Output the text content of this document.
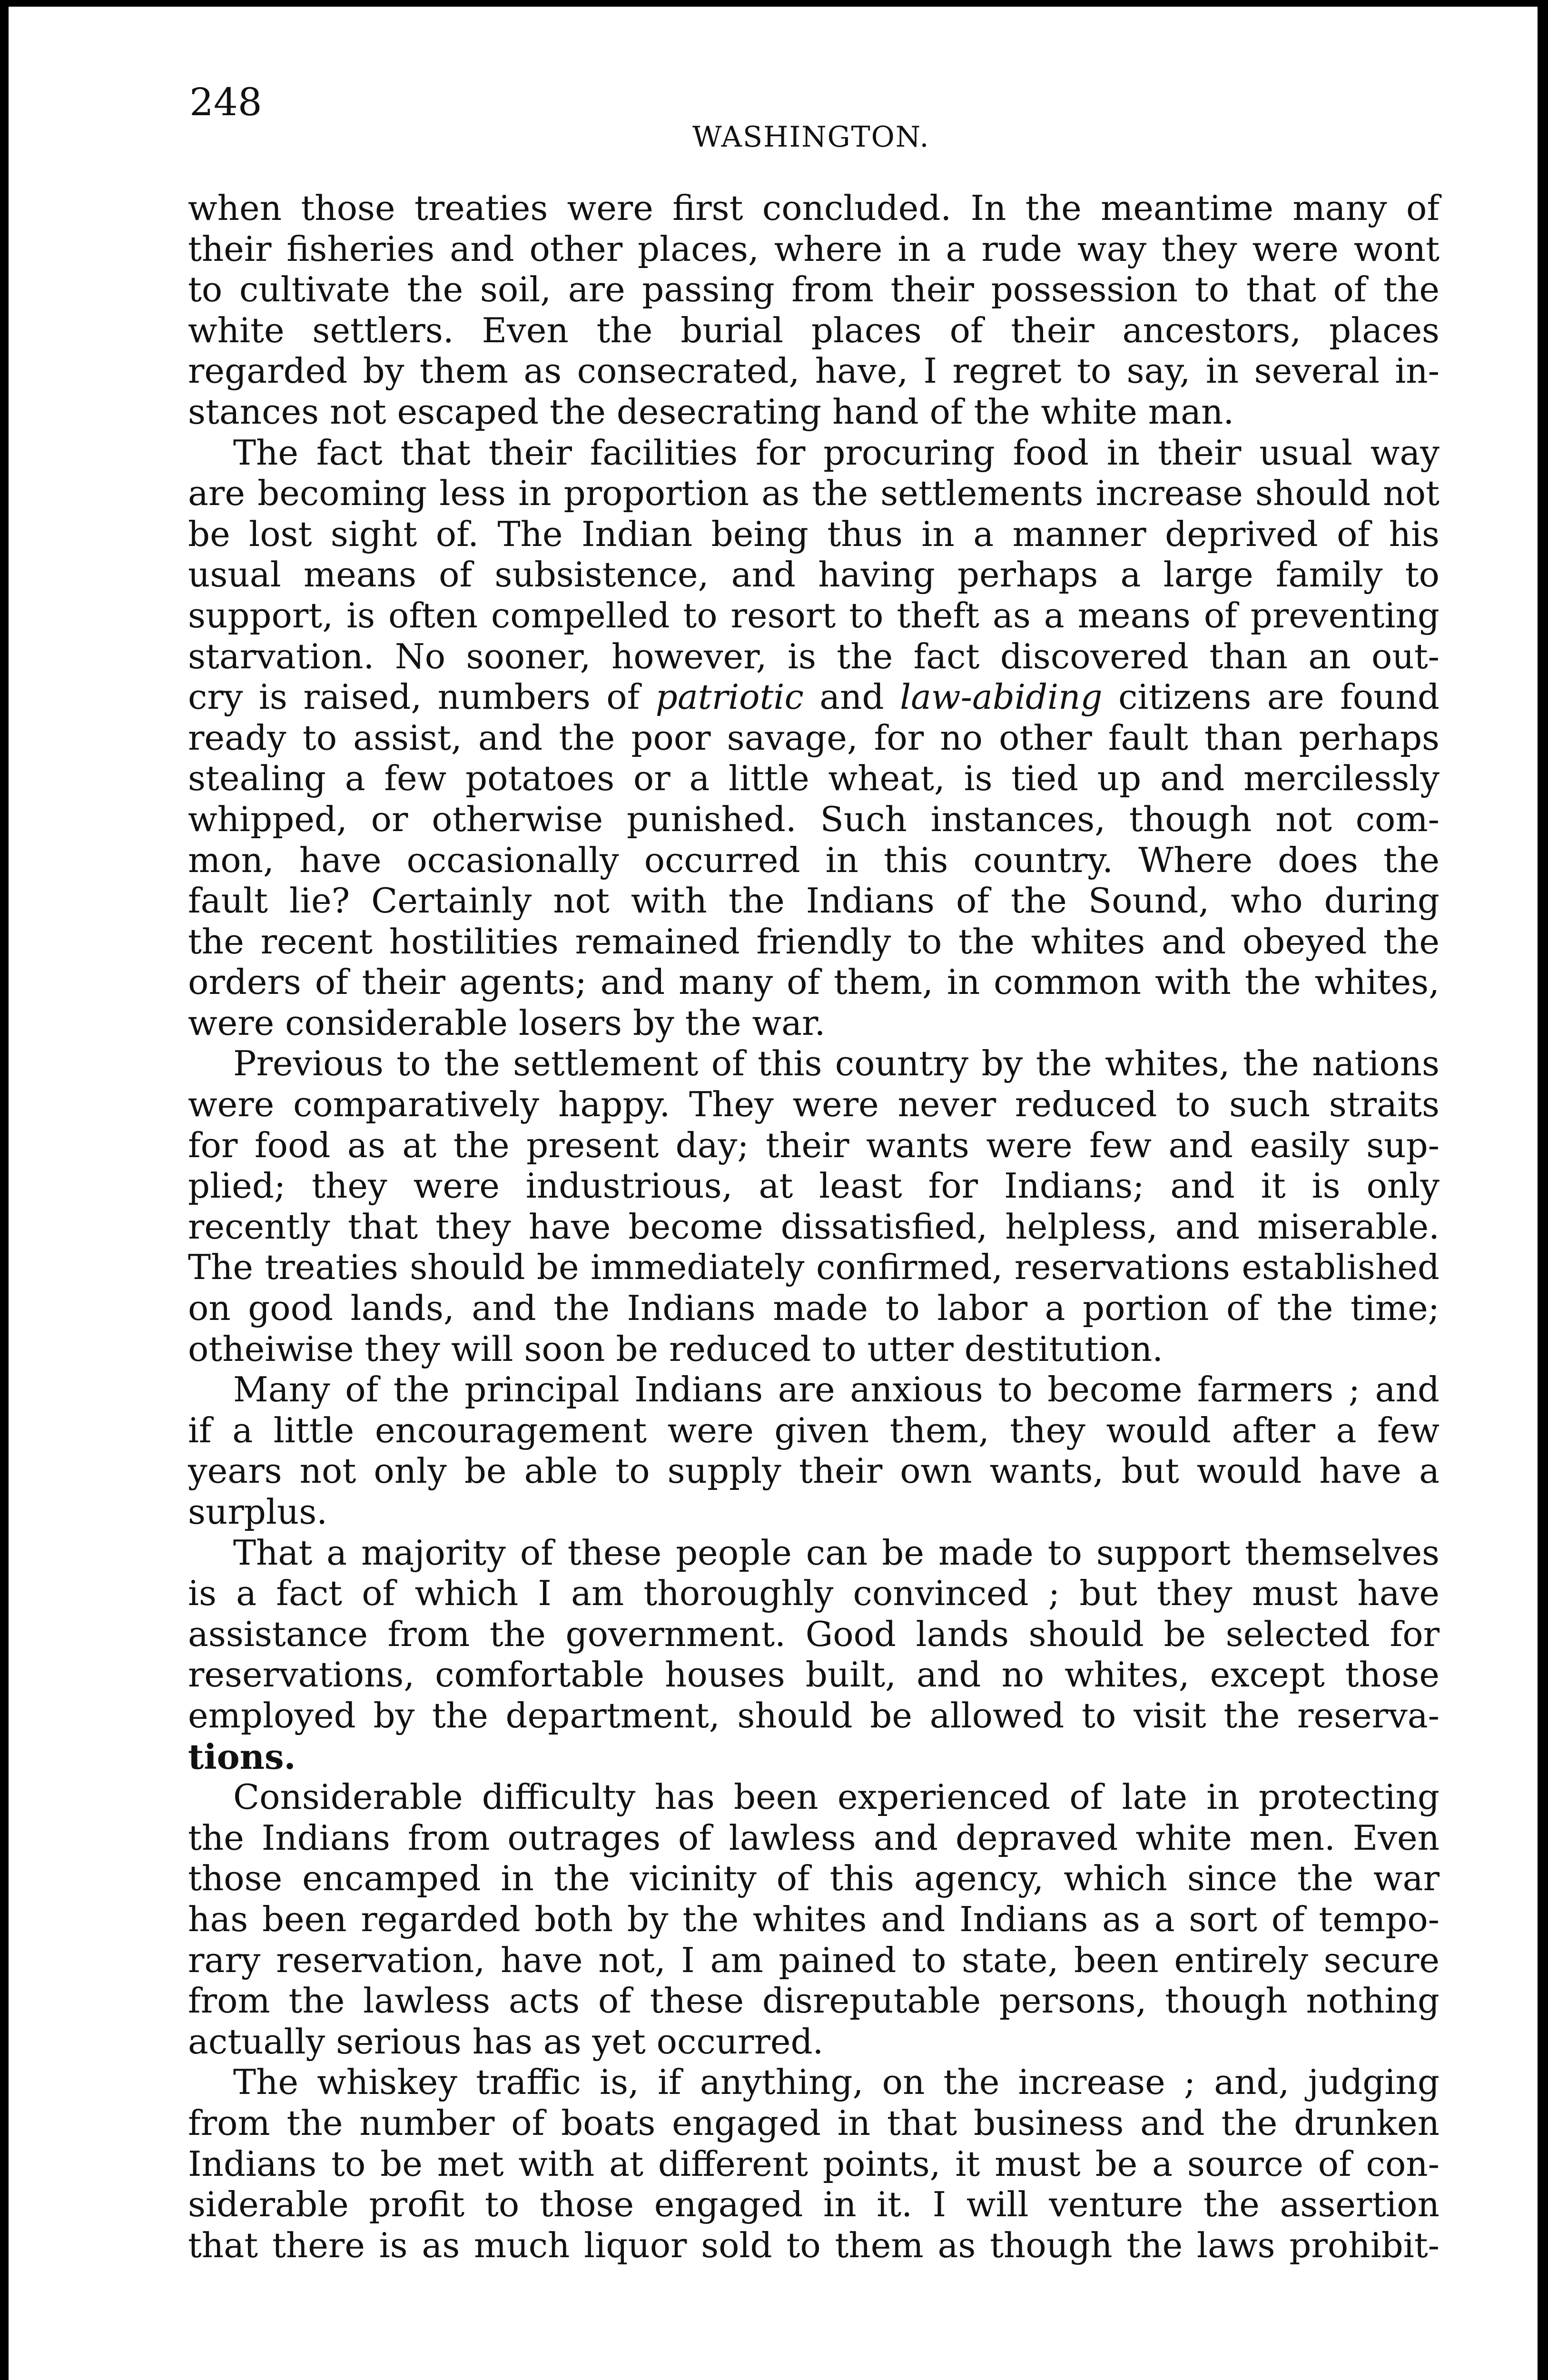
248
WASHINGTON.
when those treaties were first concluded. In the meantime many of
their fisheries and other places, where in a rude way they were wont
to cultivate the soil, are passing from their possession to that of the
white settlers. Even the burial places of their ancestors, places
regarded by them as consecrated, have, I regret to say, in several in-
stances not escaped the desecrating hand of the white man.
The fact that their facilities for procuring food in their usual way
are becoming less in proportion as the settlements increase should not
be lost sight of. The Indian being thus in a manner deprived of his
usual means of subsistence, and having perhaps a large family to
support, is often compelled to resort to theft as a means of preventing
starvation. No sooner, however, is the fact discovered than an out-
cry is raised, numbers of patriotic and law-abiding citizens are found
ready to assist, and the poor savage, for no other fault than perhaps
stealing a few potatoes or a little wheat, is tied up and mercilessly
whipped, or otherwise punished. Such instances, though not com-
mon, have occasionally occurred in this country. Where does the
fault lie? Certainly not with the Indians of the Sound, who during
the recent hostilities remained friendly to the whites and obeyed the
orders of their agents; and many of them, in common with the whites,
were considerable losers by the war.
Previous to the settlement of this country by the whites, the nations
were comparatively happy. They were never reduced to such straits
for food as at the present day; their wants were few and easily sup-
plied; they were industrious, at least for Indians; and it is only
recently that they have become dissatisfied, helpless, and miserable.
The treaties should be immediately confirmed, reservations established
on good lands, and the Indians made to labor a portion of the time;
otheiwise they will soon be reduced to utter destitution.
Many of the principal Indians are anxious to become farmers ; and
if a little encouragement were given them, they would after a few
years not only be able to supply their own wants, but would have a
surplus.
That a majority of these people can be made to support themselves
is a fact of which I am thoroughly convinced ; but they must have
assistance from the government. Good lands should be selected for
reservations, comfortable houses built, and no whites, except those
employed by the department, should be allowed to visit the reserva-
tions.
Considerable difficulty has been experienced of late in protecting
the Indians from outrages of lawless and depraved white men. Even
those encamped in the vicinity of this agency, which since the war
has been regarded both by the whites and Indians as a sort of tempo-
rary reservation, have not, I am pained to state, been entirely secure
from the lawless acts of these disreputable persons, though nothing
actually serious has as yet occurred.
The whiskey traffic is, if anything, on the increase ; and, judging
from the number of boats engaged in that business and the drunken
Indians to be met with at different points, it must be a source of con-
siderable profit to those engaged in it. I will venture the assertion
that there is as much liquor sold to them as though the laws prohibit-
